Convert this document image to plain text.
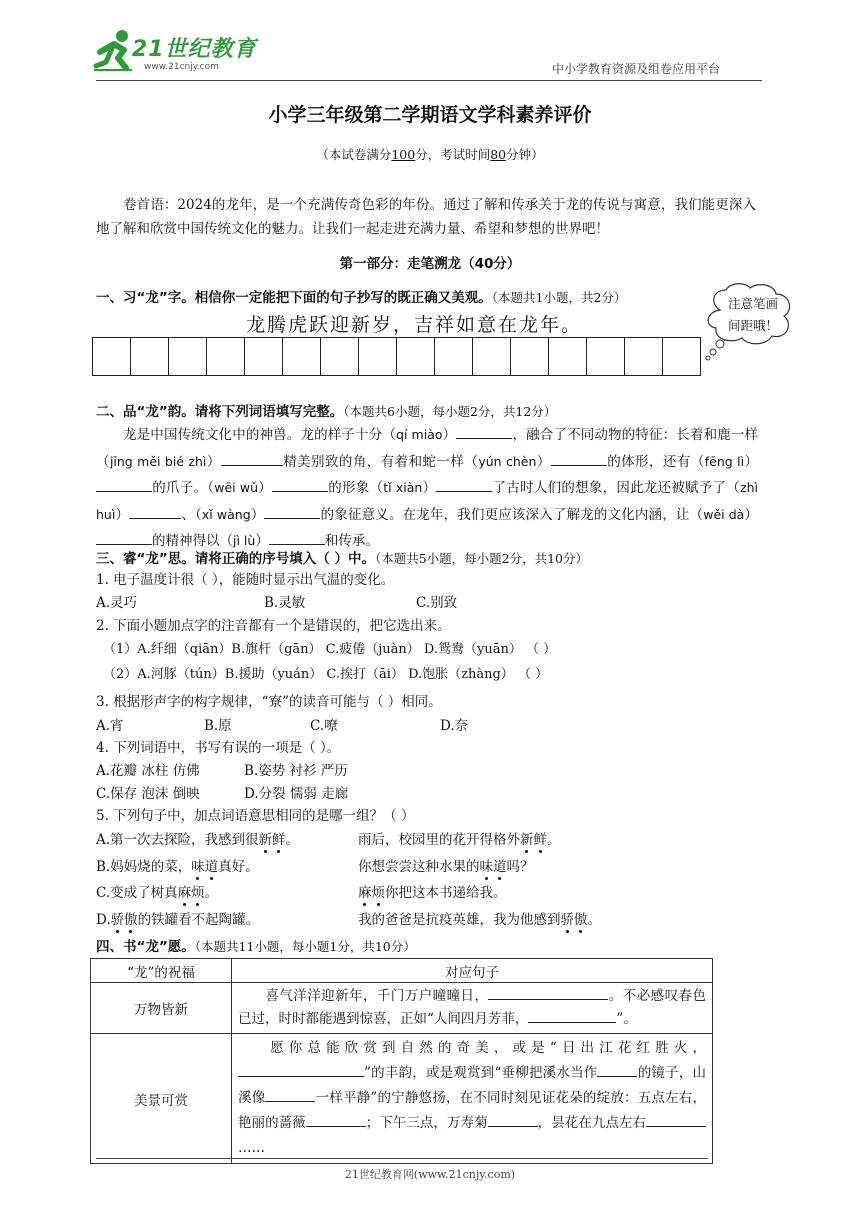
21世纪教育
www.21cnjy.com	中小学教育资源及组卷应用平台
小学三年级第二学期语文学科素养评价
（本试卷满分100分，考试时间80分钟）
卷首语：2024的龙年，是一个充满传奇色彩的年份。通过了解和传承关于龙的传说与寓意，我们能更深入地了解和欣赏中国传统文化的魅力。让我们一起走进充满力量、希望和梦想的世界吧！
第一部分：走笔溯龙（40分）
一、习“龙”字。相信你一定能把下面的句子抄写的既正确又美观。（本题共1小题，共2分）
龙腾虎跃迎新岁，吉祥如意在龙年。

注意笔画间距哦！
二、品“龙”韵。请将下列词语填写完整。（本题共6小题，每小题2分，共12分）
龙是中国传统文化中的神兽。龙的样子十分（qí miào）	，融合了不同动物的特征：长着和鹿一样（jīng měi bié zhì）	精美别致的角，有着和蛇一样（yún chèn）	的体形，还有（fēng lì）的爪子。（wēi wǔ）	的形象（tǐ xiàn）	了古时人们的想象，因此龙还被赋予了（zhì huì）	、（xǐ wàng）	的象征意义。在龙年，我们更应该深入了解龙的文化内涵，让（wěi dà）的精神得以（jì lù）	和传承。
三、睿“龙”思。请将正确的序号填入（ ）中。（本题共5小题，每小题2分，共10分）
1. 电子温度计很（ ），能随时显示出气温的变化。
A.灵巧	B.灵敏	C.别致
2. 下面小题加点字的注音都有一个是错误的，把它选出来。
（1）A.纤细（qiān）B.旗杆（gān） C.疲倦（juàn） D.鸳鸯（yuān） （ ）
（2）A.河豚（tún）B.援助（yuán） C.挨打（āi） D.饱胀（zhàng） （ ）
3. 根据形声字的构字规律，“寮”的读音可能与（ ）相同。
A.宵	B.原	C.嘹	D.奈
4. 下列词语中，书写有误的一项是（ ）。
A.花瓣 冰柱 仿佛	B.姿势 衬衫 严历
C.保存 泡沫 倒映	D.分裂 懦弱 走廊
5. 下列句子中，加点词语意思相同的是哪一组？（ ）
A.第一次去探险，我感到很新鲜。	雨后，校园里的花开得格外新鲜。
B.妈妈烧的菜，味道真好。	你想尝尝这种水果的味道吗？
C.变成了树真麻烦。	麻烦你把这本书递给我。
D.骄傲的铁罐看不起陶罐。	我的爸爸是抗疫英雄，我为他感到骄傲。
四、书“龙”愿。（本题共11小题，每小题1分，共10分）
“龙”的祝福	对应句子
万物皆新	喜气洋洋迎新年，千门万户曈曈日， 。不必感叹春色已过，时时都能遇到惊喜，正如“人间四月芳菲， ”。
美景可赏	愿你总能欣赏到自然的奇美，或是“日出江花红胜火，”的丰韵，或是观赏到“垂柳把溪水当作 的镜子，山溪像 一样平静”的宁静悠扬，在不同时刻见证花朵的绽放：五点左右，艳丽的蔷薇 ；下午三点，万寿菊 ，昙花在九点左右……
21世纪教育网(www.21cnjy.com)
